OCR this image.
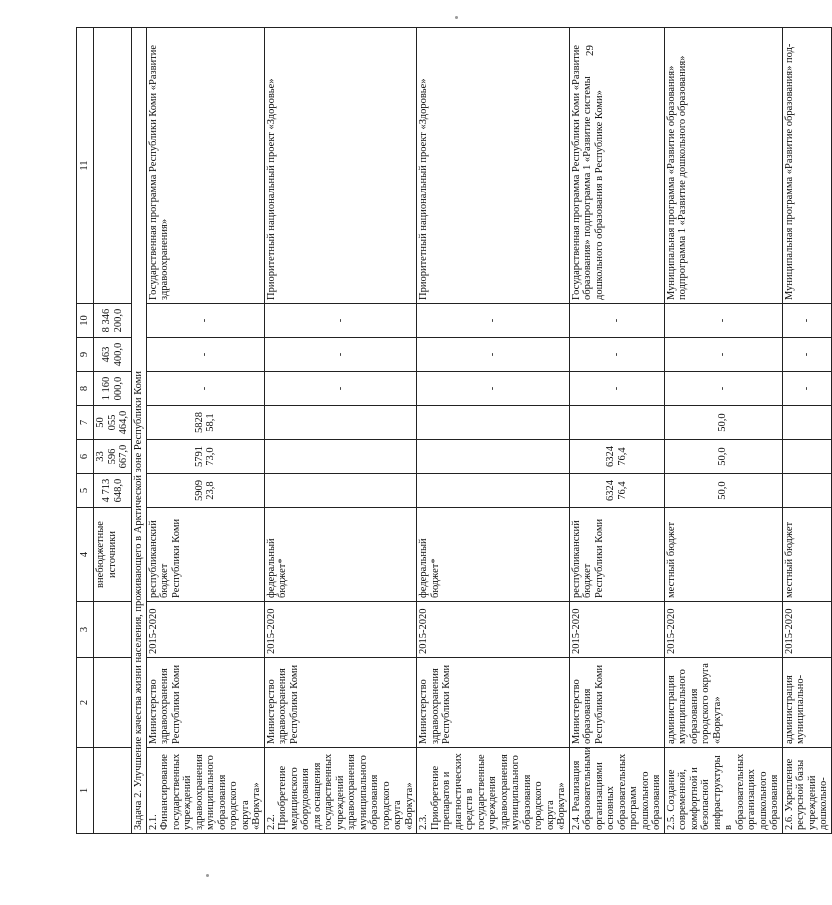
29
1	2	3	4	5	6	7	8	9	10	11
			внебюджетные источники	4 713 648,0	33 596 667,0	50 055 464,0	1 160 000,0	463 400,0	8 346 200,0	
Задача 2. Улучшение качества жизни населения, проживающего в Арктической зоне Республики Коми										
2.1. Финансирование государственных учреждений здравоохранения муниципального образования городского округа «Воркута»	Министерство здравоохранения Республики Коми	2015-2020	республиканский бюджет Республики Коми	5909 23,8	5791 73,0	5828 58,1	-	-	-	Государственная программа Республики Коми «Развитие здравоохранения»
2.2. Приобретение медицинского оборудования для оснащения государственных учреждений здравоохранения муниципального образования городского округа «Воркута»	Министерство здравоохранения Республики Коми	2015-2020	федеральный бюджет*				-	-	-	Приоритетный национальный проект «Здоровье»
2.3. Приобретение препаратов и диагностических средств в государственные учреждения здравоохранения муниципального образования городского округа «Воркута»	Министерство здравоохранения Республики Коми	2015-2020	федеральный бюджет*				-	-	-	Приоритетный национальный проект «Здоровье»
2.4. Реализация образовательными организациями основных образовательных программ дошкольного образования	Министерство образования Республики Коми	2015-2020	республиканский бюджет Республики Коми	6324 76,4	6324 76,4		-	-	-	Государственная программа Республики Коми «Развитие образования» подпрограмма 1 «Развитие системы дошкольного образования в Республике Коми»
2.5. Создание современной, комфортной и безопасной инфраструктуры в образовательных организациях дошкольного образования	администрация муниципального образования городского округа «Воркута»	2015-2020	местный бюджет	50,0	50,0	50,0	-	-	-	Муниципальная программа «Развитие образования» подпрограмма 1 «Развитие дошкольного образования»
2.6. Укрепление ресурсной базы учреждений дошкольно-	администрация муниципально-	2015-2020	местный бюджет				-	-	-	Муниципальная программа «Развитие образования» под-
